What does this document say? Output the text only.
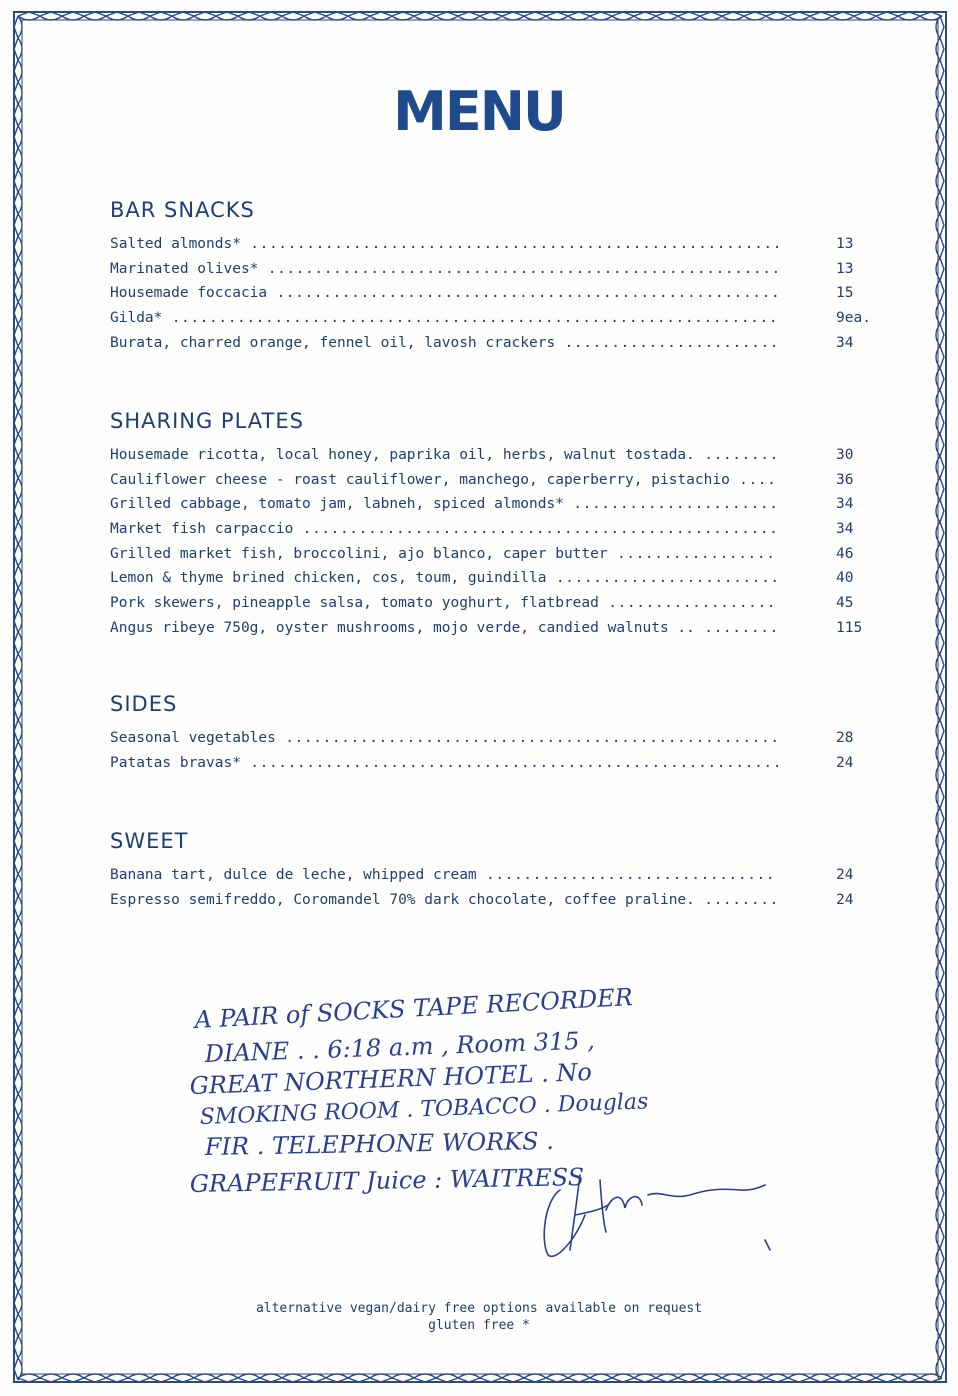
MENU
BAR SNACKS
Salted almonds* .....	13
Marinated olives* .....	13
Housemade foccacia .....	15
Gilda* .....	9ea.
Burata, charred orange, fennel oil, lavosh crackers .....	34
SHARING PLATES
Housemade ricotta, local honey, paprika oil, herbs, walnut tostada. .....	30
Cauliflower cheese - roast cauliflower, manchego, caperberry, pistachio .....	36
Grilled cabbage, tomato jam, labneh, spiced almonds* .....	34
Market fish carpaccio .....	34
Grilled market fish, broccolini, ajo blanco, caper butter .....	46
Lemon & thyme brined chicken, cos, toum, guindilla .....	40
Pork skewers, pineapple salsa, tomato yoghurt, flatbread .....	45
Angus ribeye 750g, oyster mushrooms, mojo verde, candied walnuts .. .....	115
SIDES
Seasonal vegetables .....	28
Patatas bravas* .....	24
SWEET
Banana tart, dulce de leche, whipped cream .....	24
Espresso semifreddo, Coromandel 70% dark chocolate, coffee praline. .....	24
A PAIR of SOCKS TAPE RECORDER
DIANE . . 6:18 a.m , Room 315 ,
GREAT NORTHERN HOTEL . No
SMOKING ROOM . TOBACCO . Douglas
FIR . TELEPHONE WORKS .
GRAPEFRUIT Juice : WAITRESS
alternative vegan/dairy free options available on request
gluten free *
